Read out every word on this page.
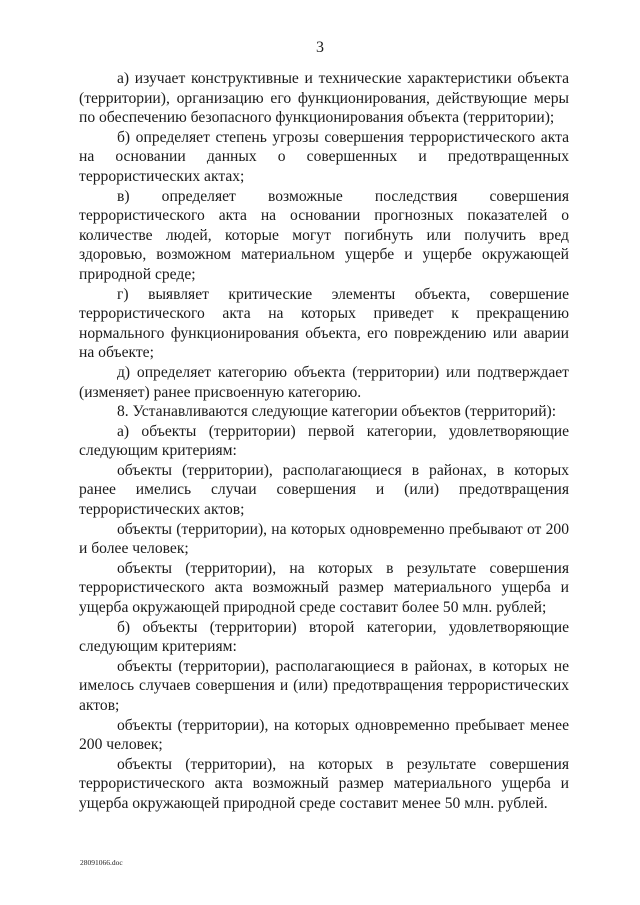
3

а) изучает конструктивные и технические характеристики объекта (территории), организацию его функционирования, действующие меры по обеспечению безопасного функционирования объекта (территории);

б) определяет степень угрозы совершения террористического акта на основании данных о совершенных и предотвращенных террористических актах;

в) определяет возможные последствия совершения террористического акта на основании прогнозных показателей о количестве людей, которые могут погибнуть или получить вред здоровью, возможном материальном ущербе и ущербе окружающей природной среде;

г) выявляет критические элементы объекта, совершение террористического акта на которых приведет к прекращению нормального функционирования объекта, его повреждению или аварии на объекте;

д) определяет категорию объекта (территории) или подтверждает (изменяет) ранее присвоенную категорию.

8. Устанавливаются следующие категории объектов (территорий):

а) объекты (территории) первой категории, удовлетворяющие следующим критериям:

объекты (территории), располагающиеся в районах, в которых ранее имелись случаи совершения и (или) предотвращения террористических актов;

объекты (территории), на которых одновременно пребывают от 200 и более человек;

объекты (территории), на которых в результате совершения террористического акта возможный размер материального ущерба и ущерба окружающей природной среде составит более 50 млн. рублей;

б) объекты (территории) второй категории, удовлетворяющие следующим критериям:

объекты (территории), располагающиеся в районах, в которых не имелось случаев совершения и (или) предотвращения террористических актов;

объекты (территории), на которых одновременно пребывает менее 200 человек;

объекты (территории), на которых в результате совершения террористического акта возможный размер материального ущерба и ущерба окружающей природной среде составит менее 50 млн. рублей.

28091066.doc
